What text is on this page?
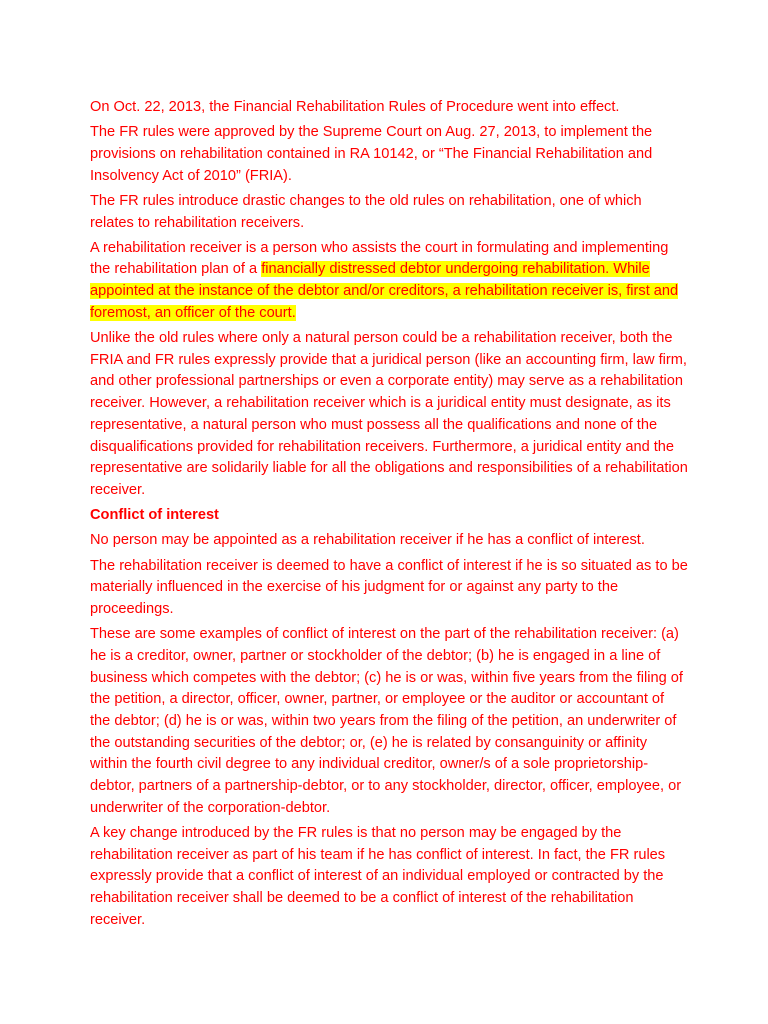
On Oct. 22, 2013, the Financial Rehabilitation Rules of Procedure went into effect.

The FR rules were approved by the Supreme Court on Aug. 27, 2013, to implement the provisions on rehabilitation contained in RA 10142, or “The Financial Rehabilitation and Insolvency Act of 2010” (FRIA).

The FR rules introduce drastic changes to the old rules on rehabilitation, one of which relates to rehabilitation receivers.

A rehabilitation receiver is a person who assists the court in formulating and implementing the rehabilitation plan of a financially distressed debtor undergoing rehabilitation. While appointed at the instance of the debtor and/or creditors, a rehabilitation receiver is, first and foremost, an officer of the court.

Unlike the old rules where only a natural person could be a rehabilitation receiver, both the FRIA and FR rules expressly provide that a juridical person (like an accounting firm, law firm, and other professional partnerships or even a corporate entity) may serve as a rehabilitation receiver. However, a rehabilitation receiver which is a juridical entity must designate, as its representative, a natural person who must possess all the qualifications and none of the disqualifications provided for rehabilitation receivers. Furthermore, a juridical entity and the representative are solidarily liable for all the obligations and responsibilities of a rehabilitation receiver.

Conflict of interest

No person may be appointed as a rehabilitation receiver if he has a conflict of interest.

The rehabilitation receiver is deemed to have a conflict of interest if he is so situated as to be materially influenced in the exercise of his judgment for or against any party to the proceedings.

These are some examples of conflict of interest on the part of the rehabilitation receiver: (a) he is a creditor, owner, partner or stockholder of the debtor; (b) he is engaged in a line of business which competes with the debtor; (c) he is or was, within five years from the filing of the petition, a director, officer, owner, partner, or employee or the auditor or accountant of the debtor; (d) he is or was, within two years from the filing of the petition, an underwriter of the outstanding securities of the debtor; or, (e) he is related by consanguinity or affinity within the fourth civil degree to any individual creditor, owner/s of a sole proprietorship-debtor, partners of a partnership-debtor, or to any stockholder, director, officer, employee, or underwriter of the corporation-debtor.

A key change introduced by the FR rules is that no person may be engaged by the rehabilitation receiver as part of his team if he has conflict of interest. In fact, the FR rules expressly provide that a conflict of interest of an individual employed or contracted by the rehabilitation receiver shall be deemed to be a conflict of interest of the rehabilitation receiver.
